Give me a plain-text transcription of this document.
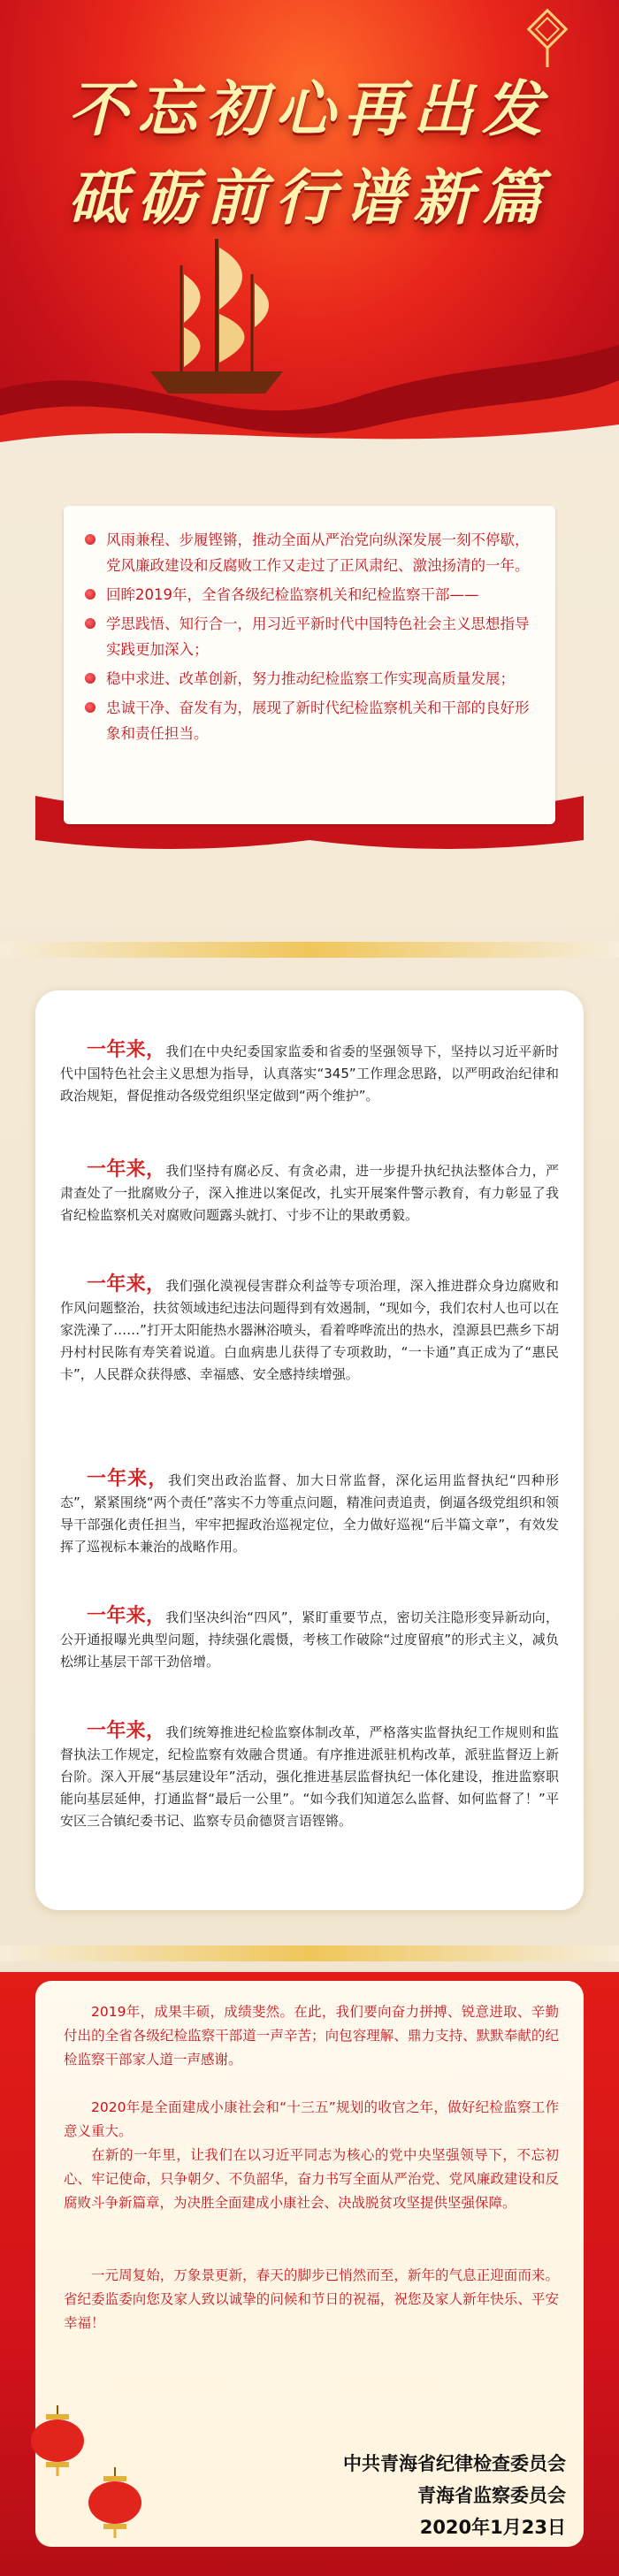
不忘初心再出发
砥砺前行谱新篇
风雨兼程、步履铿锵，推动全面从严治党向纵深发展一刻不停歇，党风廉政建设和反腐败工作又走过了正风肃纪、激浊扬清的一年。
回眸2019年，全省各级纪检监察机关和纪检监察干部——
学思践悟、知行合一，用习近平新时代中国特色社会主义思想指导实践更加深入；
稳中求进、改革创新，努力推动纪检监察工作实现高质量发展；
忠诚干净、奋发有为，展现了新时代纪检监察机关和干部的良好形象和责任担当。

一年来，我们在中央纪委国家监委和省委的坚强领导下，坚持以习近平新时代中国特色社会主义思想为指导，认真落实“345”工作理念思路，以严明政治纪律和政治规矩，督促推动各级党组织坚定做到“两个维护”。

一年来，我们坚持有腐必反、有贪必肃，进一步提升执纪执法整体合力，严肃查处了一批腐败分子，深入推进以案促改，扎实开展案件警示教育，有力彰显了我省纪检监察机关对腐败问题露头就打、寸步不让的果敢勇毅。

一年来，我们强化漠视侵害群众利益等专项治理，深入推进群众身边腐败和作风问题整治，扶贫领域违纪违法问题得到有效遏制，“现如今，我们农村人也可以在家洗澡了……”打开太阳能热水器淋浴喷头，看着哗哗流出的热水，湟源县巴燕乡下胡丹村村民陈有寿笑着说道。白血病患儿获得了专项救助，“一卡通”真正成为了“惠民卡”，人民群众获得感、幸福感、安全感持续增强。

一年来，我们突出政治监督、加大日常监督，深化运用监督执纪“四种形态”，紧紧围绕“两个责任”落实不力等重点问题，精准问责追责，倒逼各级党组织和领导干部强化责任担当，牢牢把握政治巡视定位，全力做好巡视“后半篇文章”，有效发挥了巡视标本兼治的战略作用。

一年来，我们坚决纠治“四风”，紧盯重要节点，密切关注隐形变异新动向，公开通报曝光典型问题，持续强化震慑，考核工作破除“过度留痕”的形式主义，减负松绑让基层干部干劲倍增。

一年来，我们统筹推进纪检监察体制改革，严格落实监督执纪工作规则和监督执法工作规定，纪检监察有效融合贯通。有序推进派驻机构改革，派驻监督迈上新台阶。深入开展“基层建设年”活动，强化推进基层监督执纪一体化建设，推进监察职能向基层延伸，打通监督“最后一公里”。“如今我们知道怎么监督、如何监督了！”平安区三合镇纪委书记、监察专员俞德贤言语铿锵。

2019年，成果丰硕，成绩斐然。在此，我们要向奋力拼搏、锐意进取、辛勤付出的全省各级纪检监察干部道一声辛苦；向包容理解、鼎力支持、默默奉献的纪检监察干部家人道一声感谢。

2020年是全面建成小康社会和“十三五”规划的收官之年，做好纪检监察工作意义重大。

在新的一年里，让我们在以习近平同志为核心的党中央坚强领导下，不忘初心、牢记使命，只争朝夕、不负韶华，奋力书写全面从严治党、党风廉政建设和反腐败斗争新篇章，为决胜全面建成小康社会、决战脱贫攻坚提供坚强保障。

一元周复始，万象景更新，春天的脚步已悄然而至，新年的气息正迎面而来。省纪委监委向您及家人致以诚挚的问候和节日的祝福，祝您及家人新年快乐、平安幸福！

中共青海省纪律检查委员会
青海省监察委员会
2020年1月23日
